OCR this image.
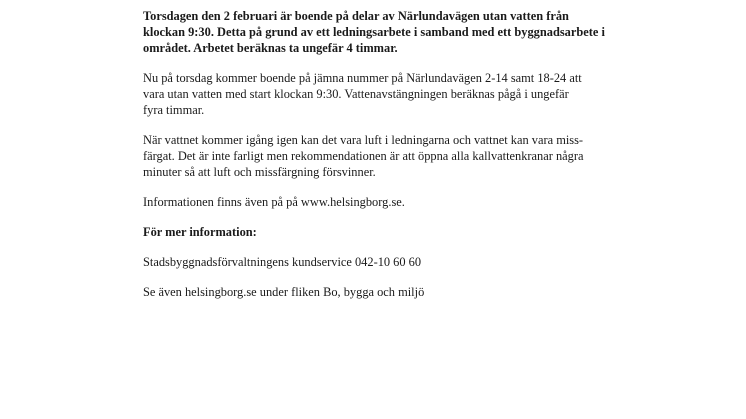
Torsdagen den 2 februari är boende på delar av Närlundavägen utan vatten från
klockan 9:30. Detta på grund av ett ledningsarbete i samband med ett byggnadsarbete i
området. Arbetet beräknas ta ungefär 4 timmar.

Nu på torsdag kommer boende på jämna nummer på Närlundavägen 2-14 samt 18-24 att
vara utan vatten med start klockan 9:30. Vattenavstängningen beräknas pågå i ungefär
fyra timmar.

När vattnet kommer igång igen kan det vara luft i ledningarna och vattnet kan vara miss-
färgat. Det är inte farligt men rekommendationen är att öppna alla kallvattenkranar några
minuter så att luft och missfärgning försvinner.

Informationen finns även på på www.helsingborg.se.

För mer information:

Stadsbyggnadsförvaltningens kundservice 042-10 60 60

Se även helsingborg.se under fliken Bo, bygga och miljö
